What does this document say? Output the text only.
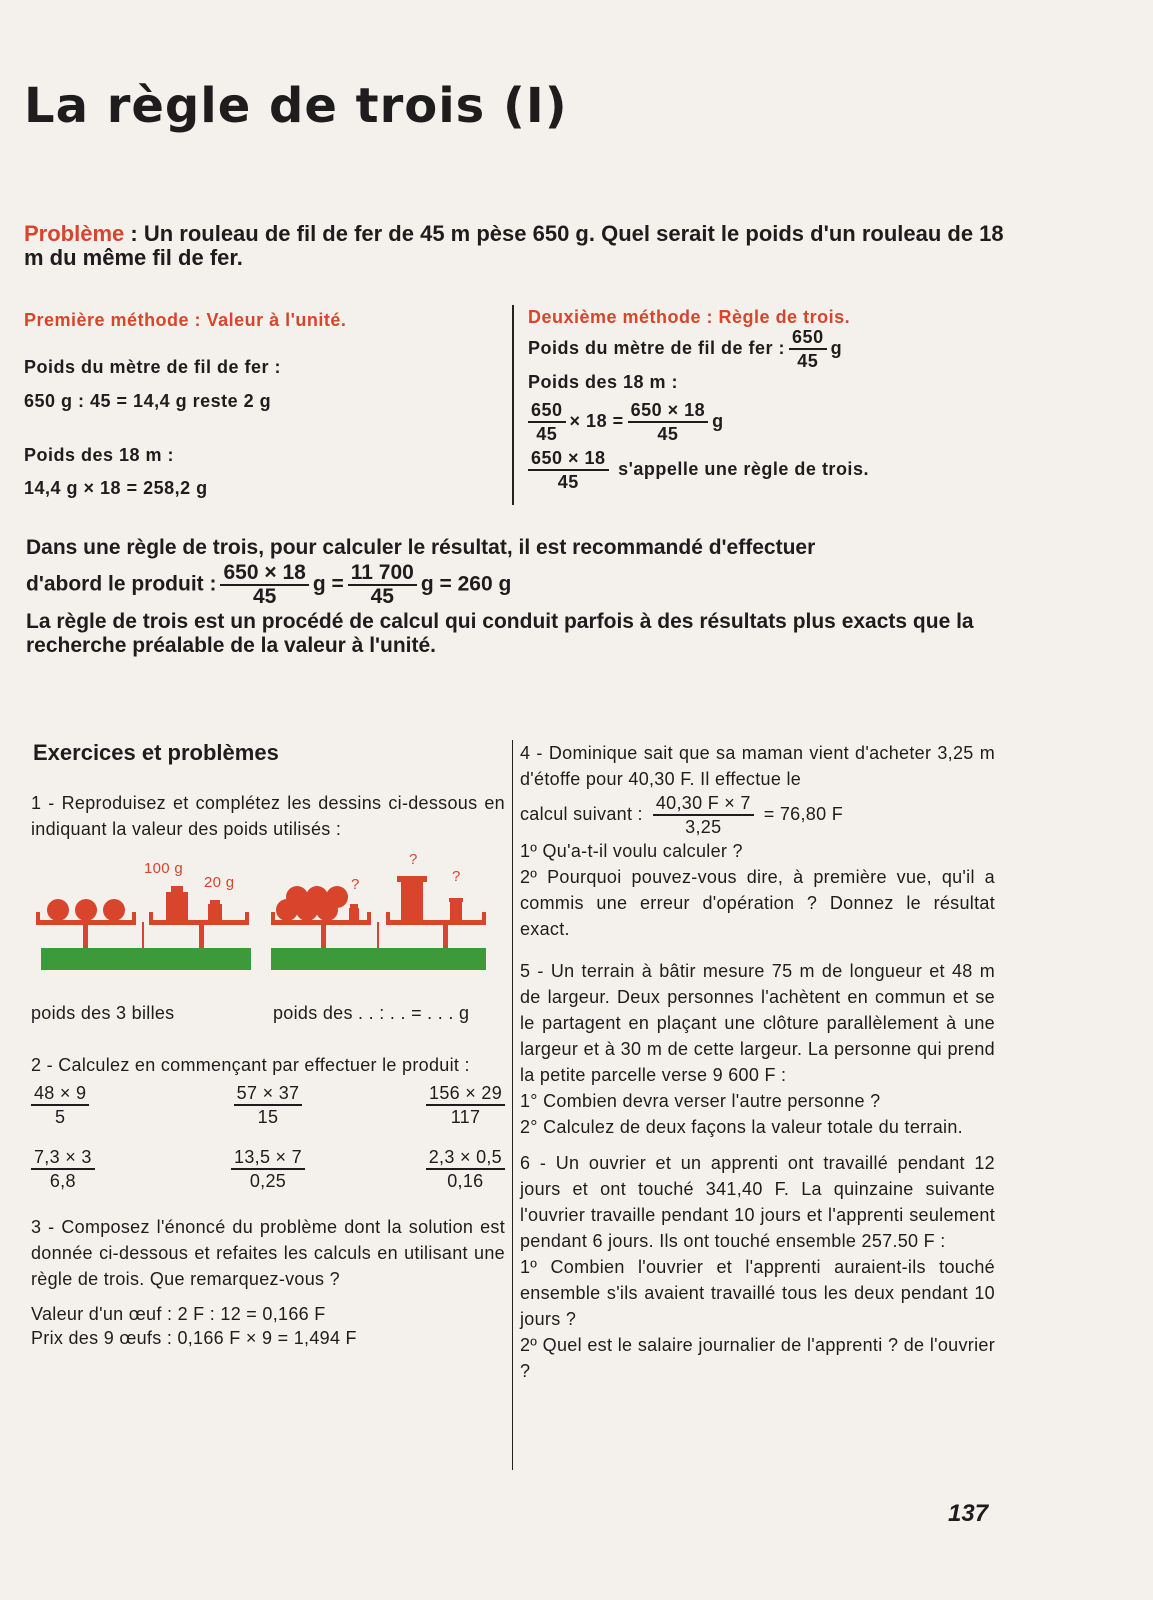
La règle de trois (I)
Problème : Un rouleau de fil de fer de 45 m pèse 650 g. Quel serait le poids d'un rouleau de 18 m du même fil de fer.
Première méthode : Valeur à l'unité.
Poids du mètre de fil de fer :
650 g : 45 = 14,4 g reste 2 g
Poids des 18 m :
14,4 g × 18 = 258,2 g
Deuxième méthode : Règle de trois.
Poids du mètre de fil de fer : $\frac{650}{45}$ g
Poids des 18 m :
$\frac{650}{45} \times 18 = \frac{650 \times 18}{45}$ g
$\frac{650 \times 18}{45}$ s'appelle une règle de trois.
Dans une règle de trois, pour calculer le résultat, il est recommandé d'effectuer
d'abord le produit : $\frac{650 \times 18}{45}$ $g = \frac{11 700}{45}$ g = 260 g
La règle de trois est un procédé de calcul qui conduit parfois à des résultats plus exacts que la recherche préalable de la valeur à l'unité.
Exercices et problèmes
1 - Reproduisez et complétez les dessins ci-dessous en indiquant la valeur des poids utilisés :
100 g
20 g	?
?
?
poids des 3 billes	poids des . . : . . = . . . g
2 - Calculez en commençant par effectuer le produit :
$\frac{48 \times 9}{5}$	$\frac{57 \times 37}{15}$	$\frac{156 \times 29}{117}$
$\frac{7,3 \times 3}{6,8}$	$\frac{13,5 \times 7}{0,25}$	$\frac{2,3 \times 0,5}{0,16}$
3 - Composez l'énoncé du problème dont la solution est donnée ci-dessous et refaites les calculs en utilisant une règle de trois. Que remarquez-vous ?
Valeur d'un œuf : 2 F : 12 = 0,166 F
Prix des 9 œufs : 0,166 F × 9 = 1,494 F
4 - Dominique sait que sa maman vient d'acheter 3,25 m d'étoffe pour 40,30 F. Il effectue le
calcul suivant : $\frac{40,30 F \times 7}{3,25} = 76,80$ F
1º Qu'a-t-il voulu calculer ?
2º Pourquoi pouvez-vous dire, à première vue, qu'il a commis une erreur d'opération ? Donnez le résultat exact.
5 - Un terrain à bâtir mesure 75 m de longueur et 48 m de largeur. Deux personnes l'achètent en commun et se le partagent en plaçant une clôture parallèlement à une largeur et à 30 m de cette largeur. La personne qui prend la petite parcelle verse 9 600 F :
1° Combien devra verser l'autre personne ?
2° Calculez de deux façons la valeur totale du terrain.
6 - Un ouvrier et un apprenti ont travaillé pendant 12 jours et ont touché 341,40 F. La quinzaine suivante l'ouvrier travaille pendant 10 jours et l'apprenti seulement pendant 6 jours. Ils ont touché ensemble 257.50 F :
1º Combien l'ouvrier et l'apprenti auraient-ils touché ensemble s'ils avaient travaillé tous les deux pendant 10 jours ?
2º Quel est le salaire journalier de l'apprenti ? de l'ouvrier ?
137
